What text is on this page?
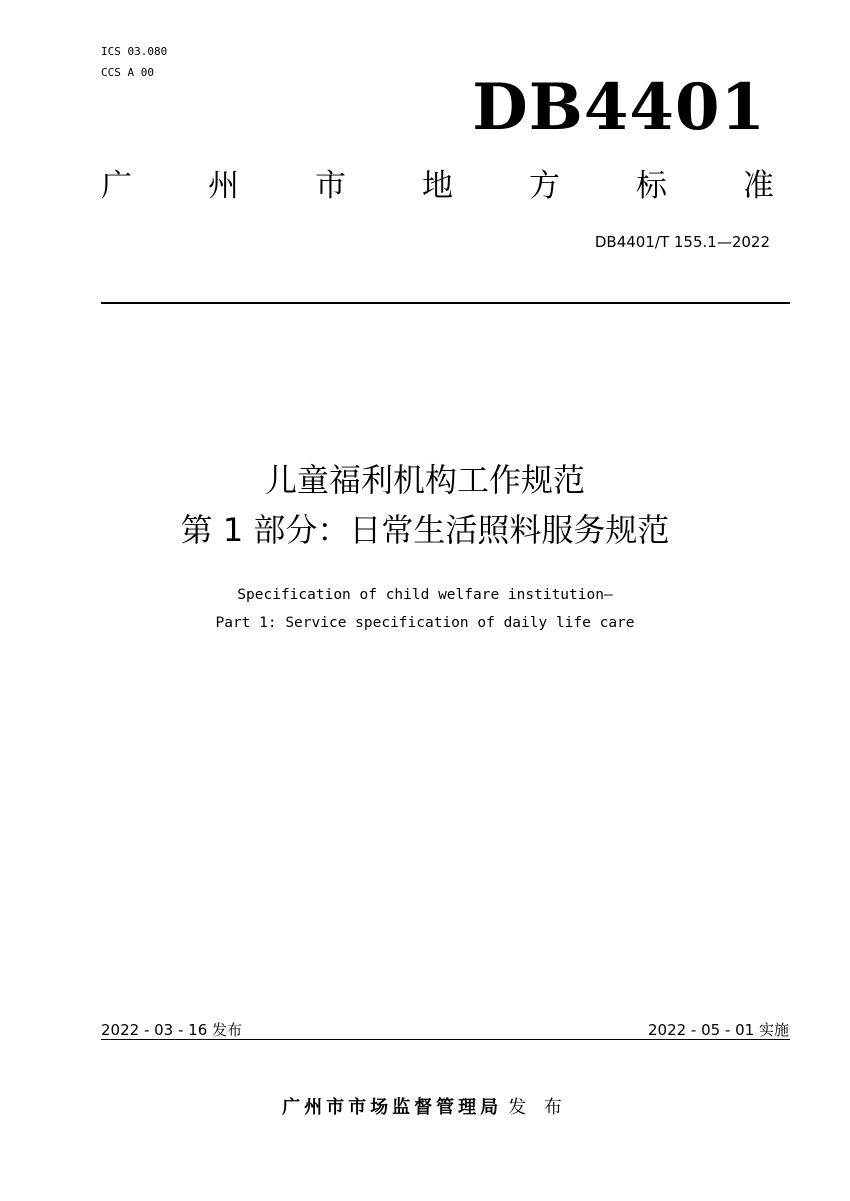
ICS 03.080
CCS A 00	DB4401
广 州 市 地 方 标 准
DB4401/T 155.1—2022
儿童福利机构工作规范
第 1 部分：日常生活照料服务规范
Specification of child welfare institution—
Part 1: Service specification of daily life care
2022 - 03 - 16 发布	2022 - 05 - 01 实施
广州市市场监督管理局 发 布
